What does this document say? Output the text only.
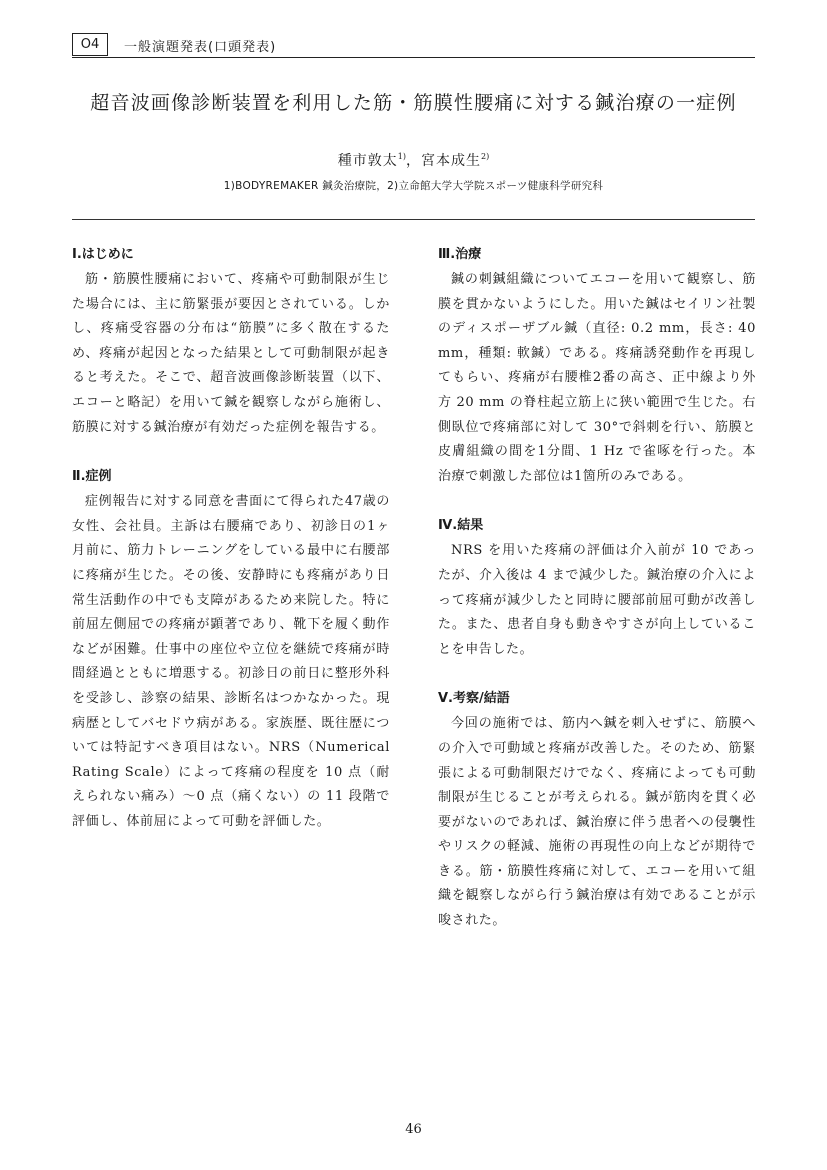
O4	一般演題発表(口頭発表)
超音波画像診断装置を利用した筋・筋膜性腰痛に対する鍼治療の一症例
種市敦太$^{1)}$，宮本成生$^{2)}$
1)BODYREMAKER 鍼灸治療院，2)立命館大学大学院スポーツ健康科学研究科
Ⅰ.はじめに
筋・筋膜性腰痛において、疼痛や可動制限が生じた場合には、主に筋緊張が要因とされている。しかし、疼痛受容器の分布は“筋膜”に多く散在するため、疼痛が起因となった結果として可動制限が起きると考えた。そこで、超音波画像診断装置（以下、エコーと略記）を用いて鍼を観察しながら施術し、筋膜に対する鍼治療が有効だった症例を報告する。
Ⅱ.症例
症例報告に対する同意を書面にて得られた47歳の女性、会社員。主訴は右腰痛であり、初診日の1ヶ月前に、筋力トレーニングをしている最中に右腰部に疼痛が生じた。その後、安静時にも疼痛があり日常生活動作の中でも支障があるため来院した。特に前屈左側屈での疼痛が顕著であり、靴下を履く動作などが困難。仕事中の座位や立位を継続で疼痛が時間経過とともに増悪する。初診日の前日に整形外科を受診し、診察の結果、診断名はつかなかった。現病歴としてバセドウ病がある。家族歴、既往歴については特記すべき項目はない。NRS（Numerical Rating Scale）によって疼痛の程度を 10 点（耐えられない痛み）〜0 点（痛くない）の 11 段階で評価し、体前屈によって可動を評価した。
Ⅲ.治療
鍼の刺鍼組織についてエコーを用いて観察し、筋膜を貫かないようにした。用いた鍼はセイリン社製のディスポーザブル鍼（直径: 0.2 mm，長さ: 40 mm，種類: 軟鍼）である。疼痛誘発動作を再現してもらい、疼痛が右腰椎2番の高さ、正中線より外方 20 mm の脊柱起立筋上に狭い範囲で生じた。右側臥位で疼痛部に対して 30°で斜刺を行い、筋膜と皮膚組織の間を1分間、1 Hz で雀啄を行った。本治療で刺激した部位は1箇所のみである。
Ⅳ.結果
NRS を用いた疼痛の評価は介入前が 10 であったが、介入後は 4 まで減少した。鍼治療の介入によって疼痛が減少したと同時に腰部前屈可動が改善した。また、患者自身も動きやすさが向上していることを申告した。
Ⅴ.考察/結語
今回の施術では、筋内へ鍼を刺入せずに、筋膜への介入で可動域と疼痛が改善した。そのため、筋緊張による可動制限だけでなく、疼痛によっても可動制限が生じることが考えられる。鍼が筋肉を貫く必要がないのであれば、鍼治療に伴う患者への侵襲性やリスクの軽減、施術の再現性の向上などが期待できる。筋・筋膜性疼痛に対して、エコーを用いて組織を観察しながら行う鍼治療は有効であることが示唆された。
46
